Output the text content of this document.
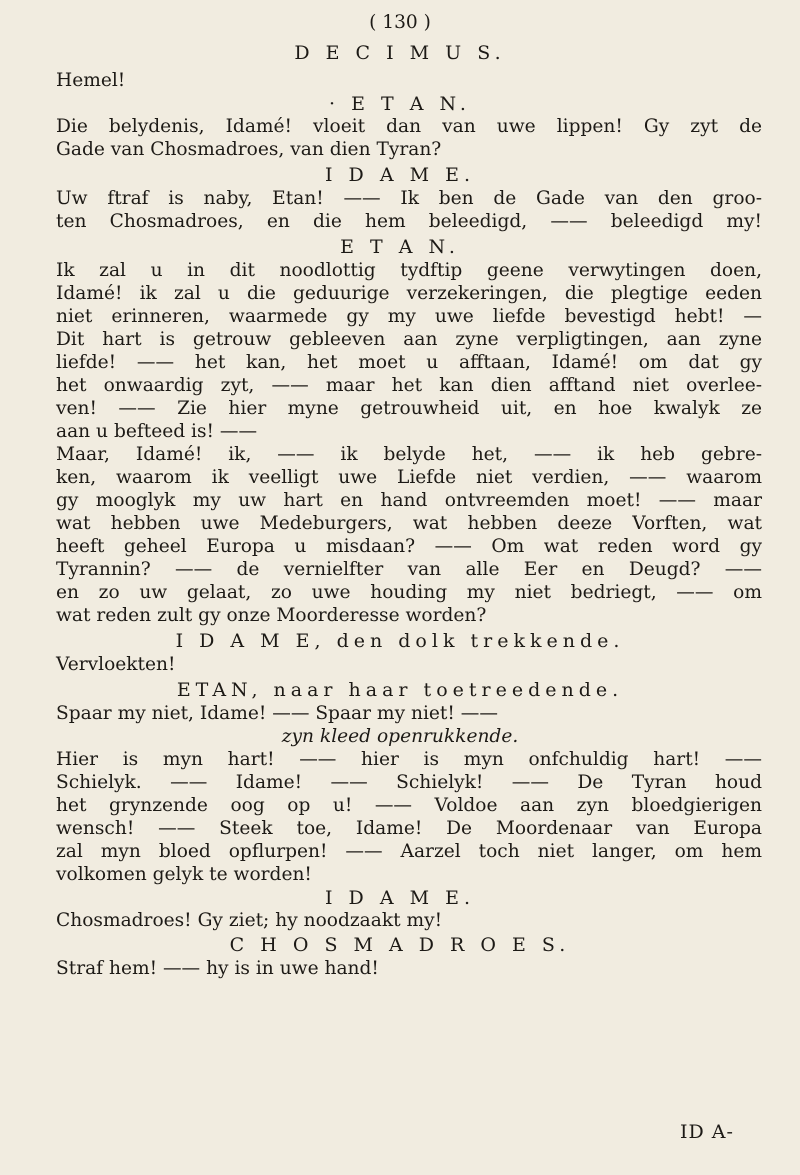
( 130 )
D E C I M U S.
Hemel!
· E T A N.
Die belydenis, Idamé! vloeit dan van uwe lippen! Gy zyt de
Gade van Chosmadroes, van dien Tyran?
I D A M E.
Uw ftraf is naby, Etan! —— Ik ben de Gade van den groo-
ten Chosmadroes, en die hem beleedigd, —— beleedigd my!
E T A N.
Ik zal u in dit noodlottig tydftip geene verwytingen doen,
Idamé! ik zal u die geduurige verzekeringen, die plegtige eeden
niet erinneren, waarmede gy my uwe liefde bevestigd hebt! —
Dit hart is getrouw gebleeven aan zyne verpligtingen, aan zyne
liefde! —— het kan, het moet u afftaan, Idamé! om dat gy
het onwaardig zyt, —— maar het kan dien afftand niet overlee-
ven! —— Zie hier myne getrouwheid uit, en hoe kwalyk ze
aan u befteed is! ——
Maar, Idamé! ik, —— ik belyde het, —— ik heb gebre-
ken, waarom ik veelligt uwe Liefde niet verdien, —— waarom
gy mooglyk my uw hart en hand ontvreemden moet! —— maar
wat hebben uwe Medeburgers, wat hebben deeze Vorften, wat
heeft geheel Europa u misdaan? —— Om wat reden word gy
Tyrannin? —— de vernielfter van alle Eer en Deugd? ——
en zo uw gelaat, zo uwe houding my niet bedriegt, —— om
wat reden zult gy onze Moorderesse worden?
I D A M E, den dolk trekkende.
Vervloekten!
ETAN, naar haar toetreedende.
Spaar my niet, Idame! —— Spaar my niet! ——
zyn kleed openrukkende.
Hier is myn hart! —— hier is myn onfchuldig hart! ——
Schielyk. —— Idame! —— Schielyk! —— De Tyran houd
het grynzende oog op u! —— Voldoe aan zyn bloedgierigen
wensch! —— Steek toe, Idame! De Moordenaar van Europa
zal myn bloed opflurpen! —— Aarzel toch niet langer, om hem
volkomen gelyk te worden!
I D A M E.
Chosmadroes! Gy ziet; hy noodzaakt my!
C H O S M A D R O E S.
Straf hem! —— hy is in uwe hand!
ID A-
